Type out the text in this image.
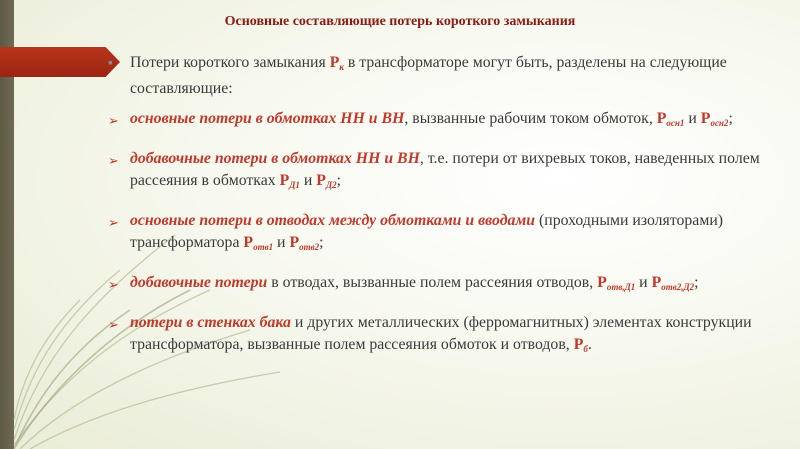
Основные составляющие потерь короткого замыкания
▪ Потери короткого замыкания $Р_к$ в трансформаторе могут быть, разделены на следующие составляющие:
➢ основные потери в обмотках НН и ВН, вызванные рабочим током обмоток, $Р_{осн1}$ и $Р_{осн2}$;
➢ добавочные потери в обмотках НН и ВН, т.е. потери от вихревых токов, наведенных полем рассеяния в обмотках $Р_{Д1}$ и $Р_{Д2}$;
➢ основные потери в отводах между обмотками и вводами (проходными изоляторами) трансформатора $Р_{отв1}$ и $Р_{отв2}$;
➢ добавочные потери в отводах, вызванные полем рассеяния отводов, $Р_{отв,Д1}$ и $Р_{отв2,Д2}$;
➢ потери в стенках бака и других металлических (ферромагнитных) элементах конструкции трансформатора, вызванные полем рассеяния обмоток и отводов, $Р_б$.
